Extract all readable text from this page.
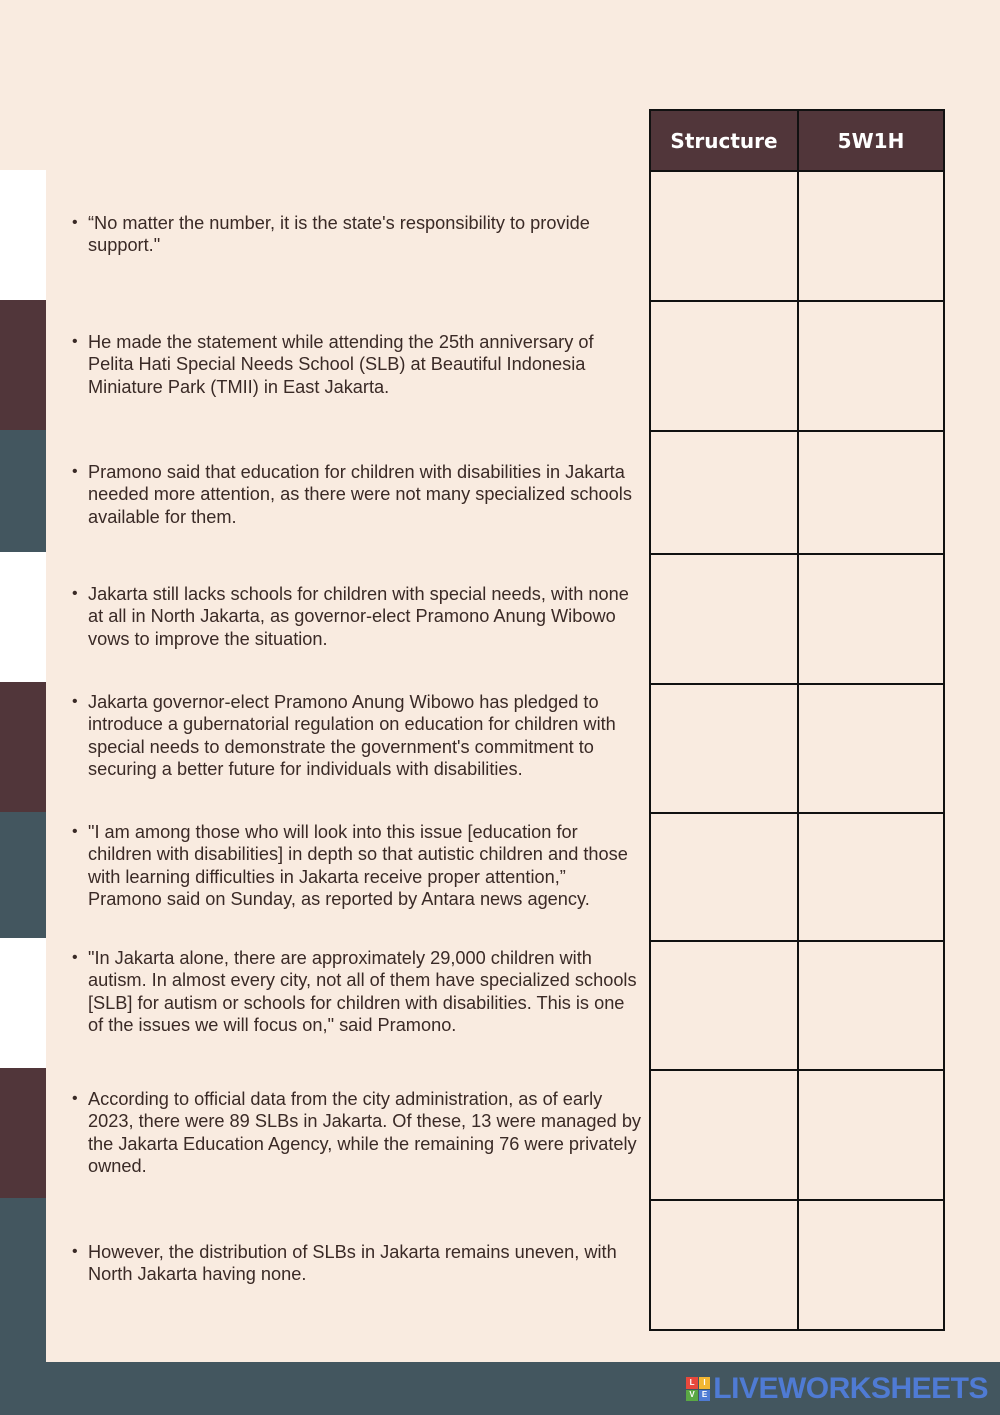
• “No matter the number, it is the state's responsibility to provide support."
• He made the statement while attending the 25th anniversary of Pelita Hati Special Needs School (SLB) at Beautiful Indonesia Miniature Park (TMII) in East Jakarta.
• Pramono said that education for children with disabilities in Jakarta needed more attention, as there were not many specialized schools available for them.
• Jakarta still lacks schools for children with special needs, with none at all in North Jakarta, as governor-elect Pramono Anung Wibowo vows to improve the situation.
• Jakarta governor-elect Pramono Anung Wibowo has pledged to introduce a gubernatorial regulation on education for children with special needs to demonstrate the government's commitment to securing a better future for individuals with disabilities.
• "I am among those who will look into this issue [education for children with disabilities] in depth so that autistic children and those with learning difficulties in Jakarta receive proper attention,” Pramono said on Sunday, as reported by Antara news agency.
• "In Jakarta alone, there are approximately 29,000 children with autism. In almost every city, not all of them have specialized schools [SLB] for autism or schools for children with disabilities. This is one of the issues we will focus on," said Pramono.
• According to official data from the city administration, as of early 2023, there were 89 SLBs in Jakarta. Of these, 13 were managed by the Jakarta Education Agency, while the remaining 76 were privately owned.
• However, the distribution of SLBs in Jakarta remains uneven, with North Jakarta having none.
Structure	5W1H

L	I
V E LIVEWORKSHEETS
